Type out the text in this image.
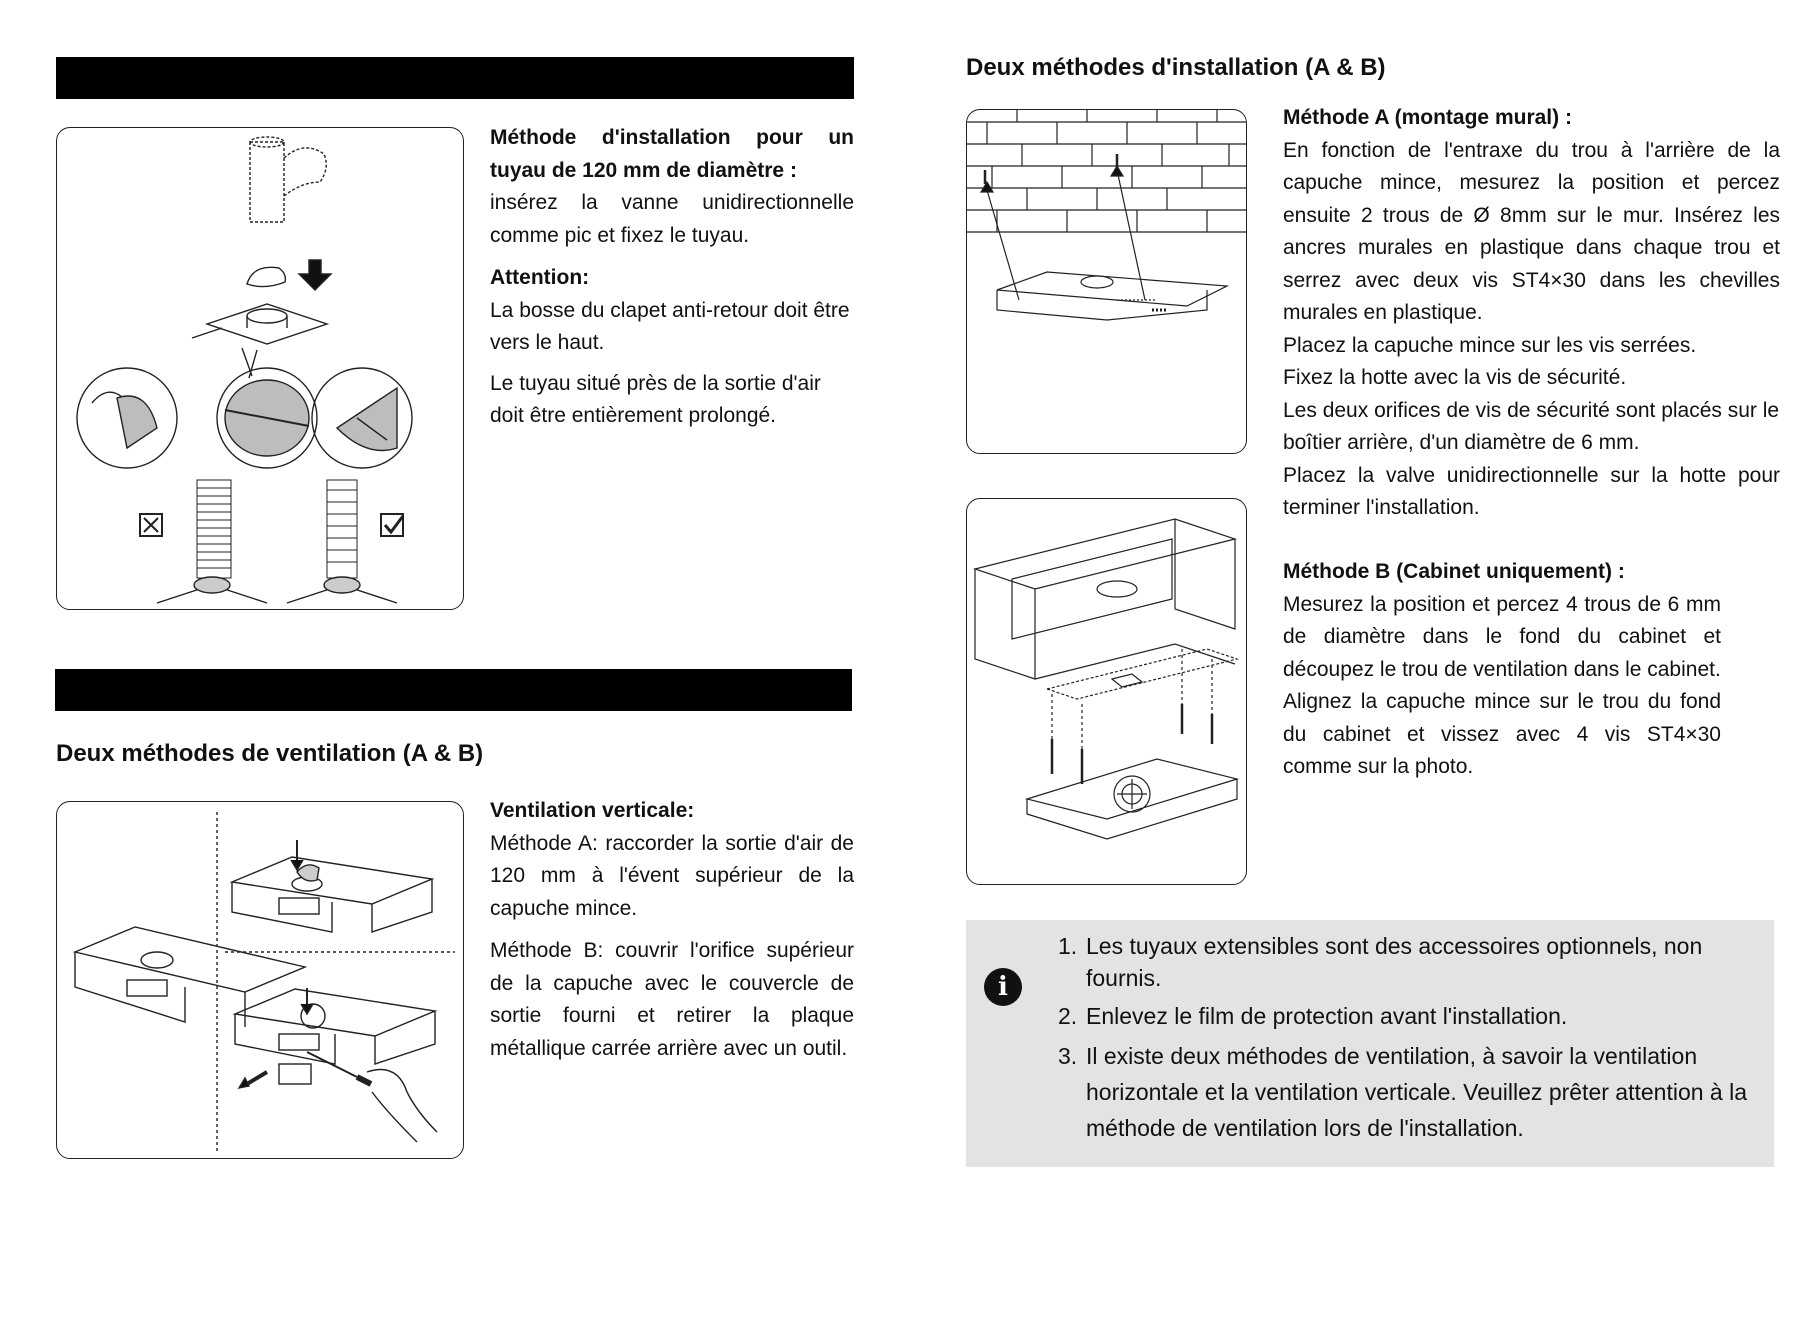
Méthode d'installation pour un tuyau de 120 mm de diamètre :

insérez la vanne unidirectionnelle comme pic et fixez le tuyau.

Attention:

La bosse du clapet anti-retour doit être vers le haut.

Le tuyau situé près de la sortie d'air doit être entièrement prolongé.

Deux méthodes de ventilation (A & B)

Ventilation verticale:

Méthode A: raccorder la sortie d'air de 120 mm à l'évent supérieur de la capuche mince.

Méthode B: couvrir l'orifice supérieur de la capuche avec le couvercle de sortie fourni et retirer la plaque métallique carrée arrière avec un outil.

Deux méthodes d'installation (A & B)

Méthode A (montage mural) :

En fonction de l'entraxe du trou à l'arrière de la capuche mince, mesurez la position et percez ensuite 2 trous de Ø 8mm sur le mur. Insérez les ancres murales en plastique dans chaque trou et serrez avec deux vis ST4×30 dans les chevilles murales en plastique.

Placez la capuche mince sur les vis serrées.

Fixez la hotte avec la vis de sécurité.

Les deux orifices de vis de sécurité sont placés sur le boîtier arrière, d'un diamètre de 6 mm.

Placez la valve unidirectionnelle sur la hotte pour terminer l'installation.

Méthode B (Cabinet uniquement) :

Mesurez la position et percez 4 trous de 6 mm de diamètre dans le fond du cabinet et découpez le trou de ventilation dans le cabinet.

Alignez la capuche mince sur le trou du fond du cabinet et vissez avec 4 vis ST4×30 comme sur la photo.

i
1. Les tuyaux extensibles sont des accessoires optionnels, non fournis.
2. Enlevez le film de protection avant l'installation.
3. Il existe deux méthodes de ventilation, à savoir la ventilation horizontale et la ventilation verticale. Veuillez prêter attention à la méthode de ventilation lors de l'installation.
